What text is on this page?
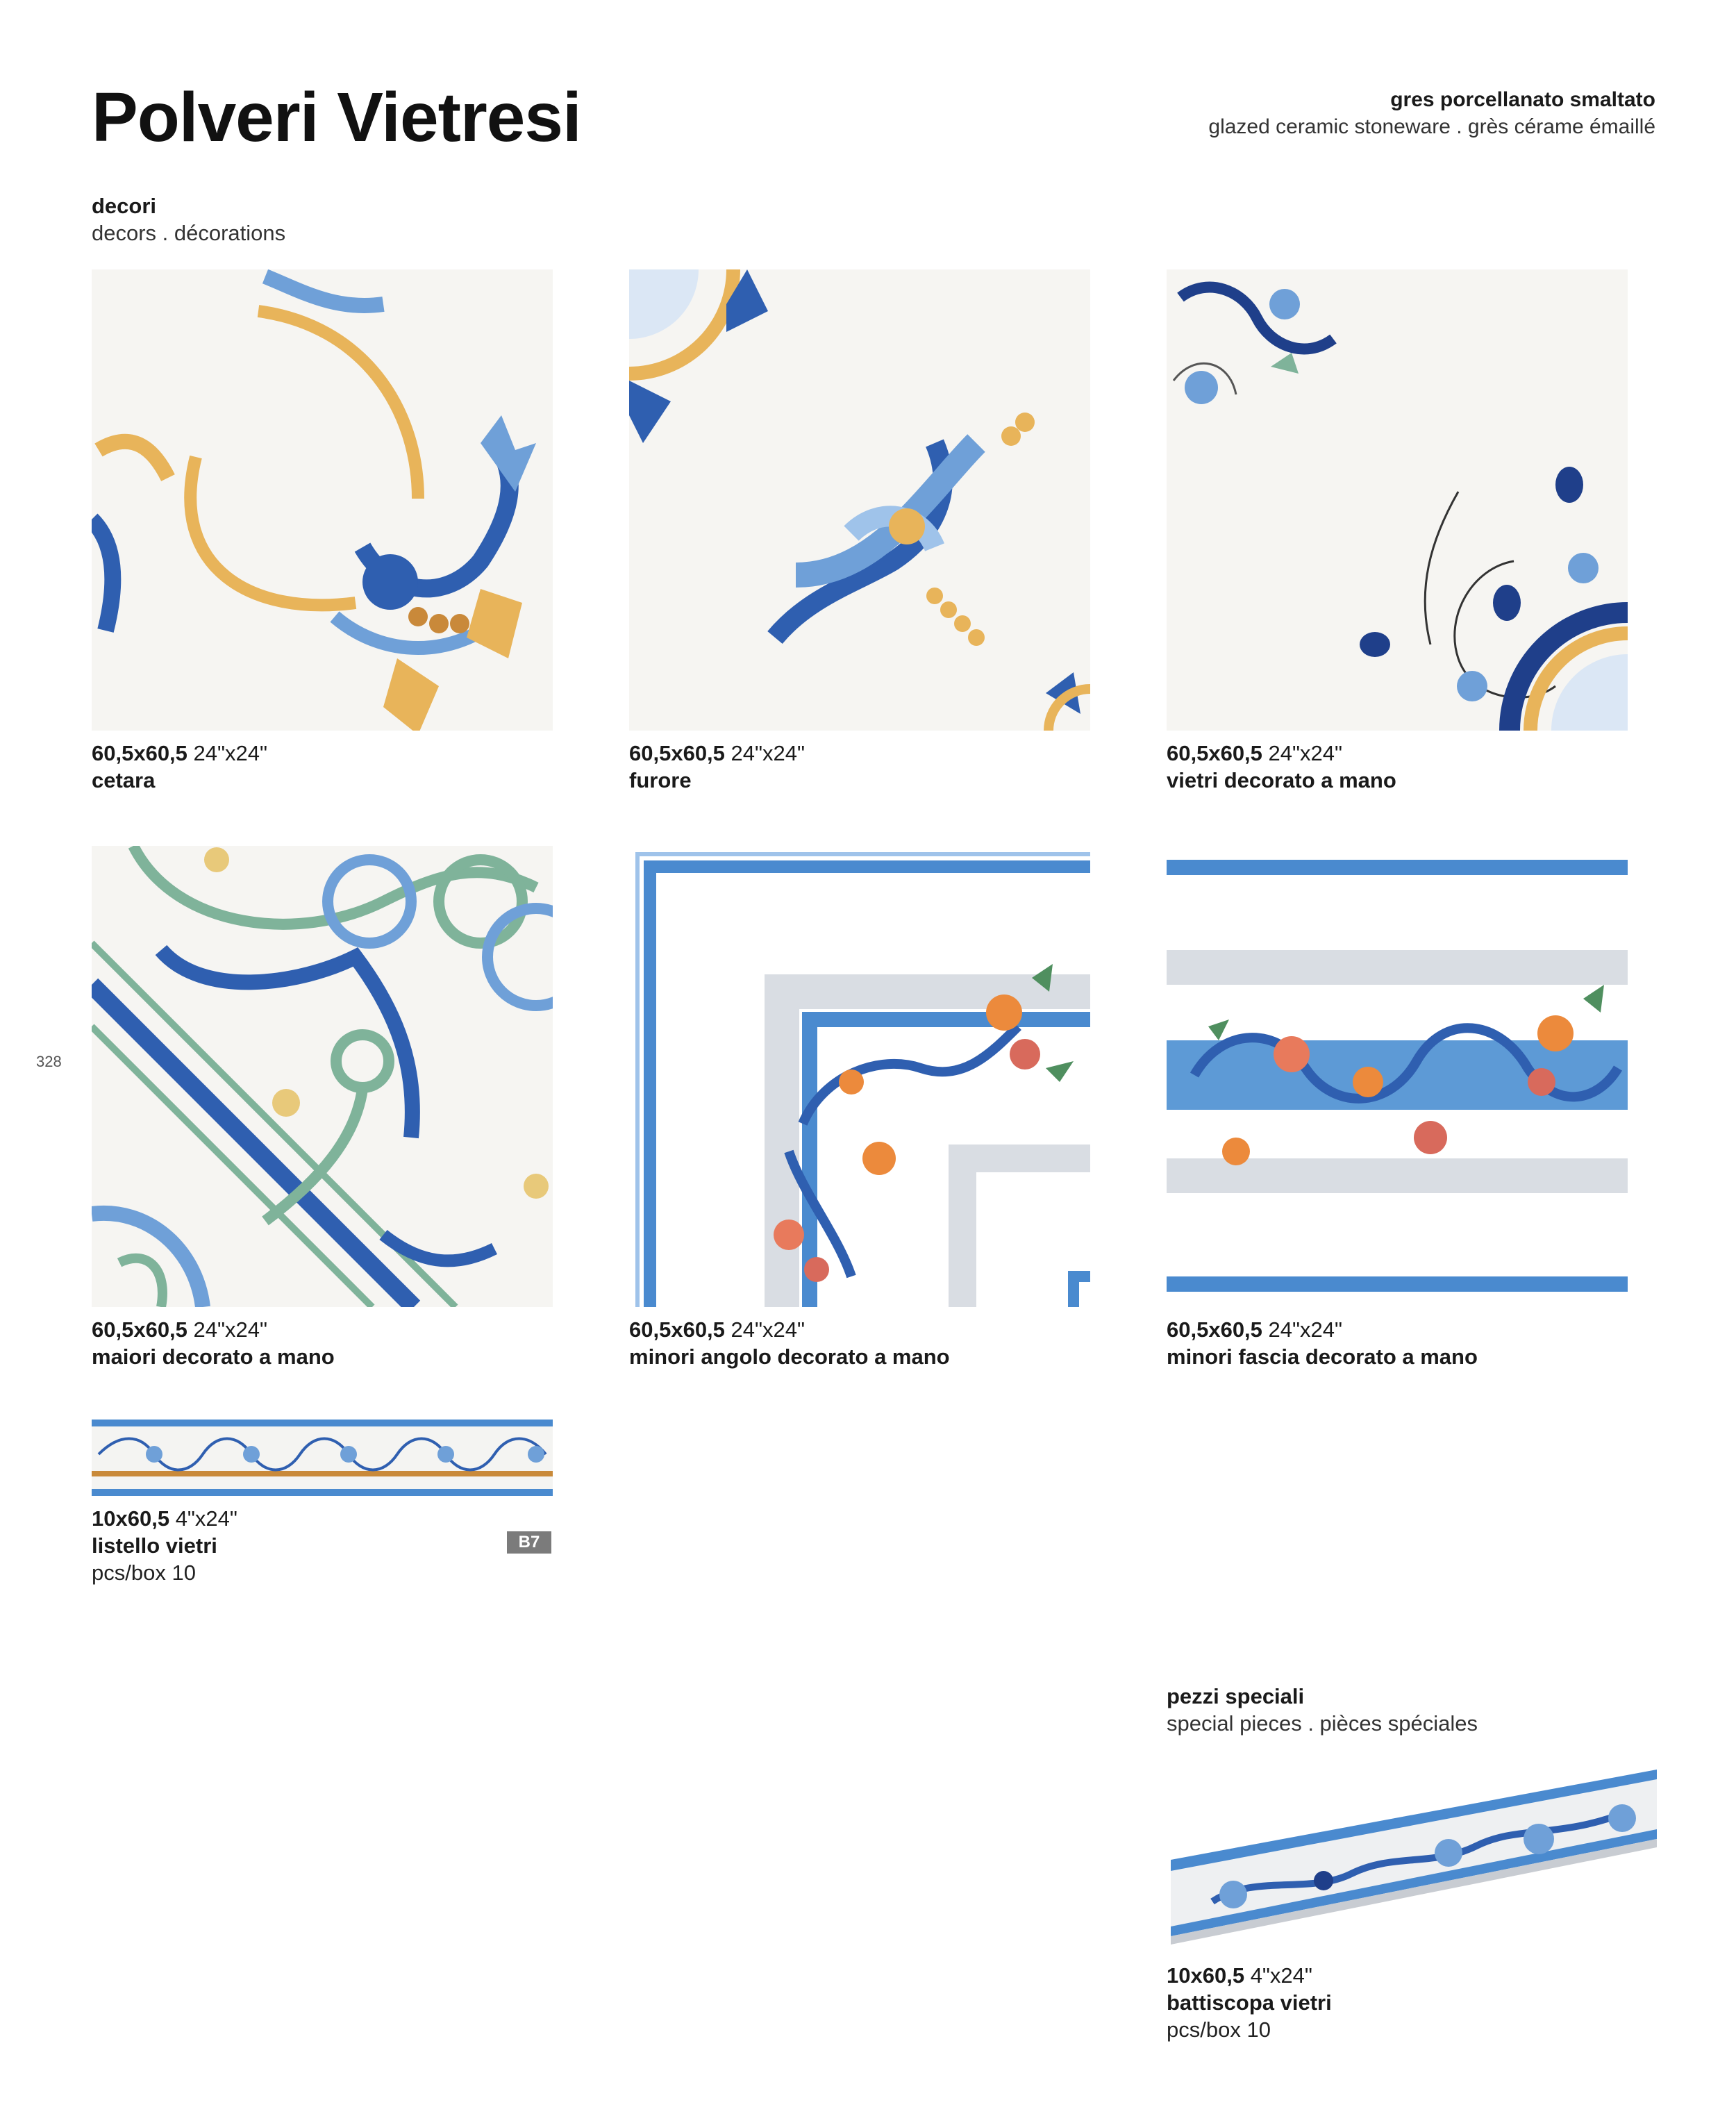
Polveri Vietresi	gres porcellanato smaltato
glazed ceramic stoneware . grès cérame émaillé
decori
decors . décorations
60,5x60,5 24"x24"
cetara
60,5x60,5 24"x24"
furore
60,5x60,5 24"x24"
vietri decorato a mano
60,5x60,5 24"x24"
maiori decorato a mano
60,5x60,5 24"x24"
minori angolo decorato a mano
60,5x60,5 24"x24"
minori fascia decorato a mano
10x60,5 4"x24"
listello vietri
pcs/box 10
B7
328
pezzi speciali
special pieces . pièces spéciales
10x60,5 4"x24"
battiscopa vietri
pcs/box 10
